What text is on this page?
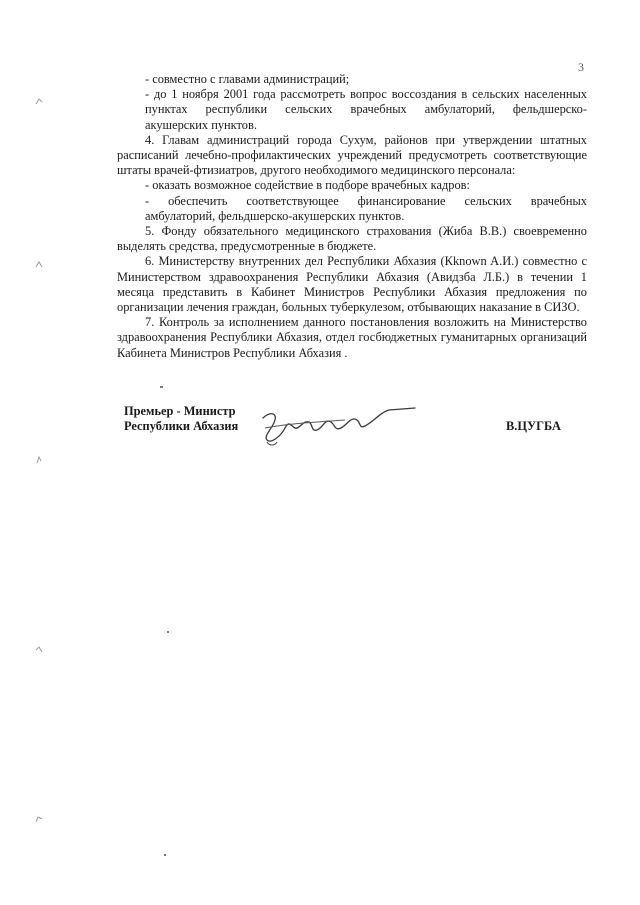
3

- совместно с главами администраций;

- до 1 ноября 2001 года рассмотреть вопрос воссоздания в сельских населенных

пунктах республики сельских врачебных амбулаторий, фельдшерско-

акушерских пунктов.

4. Главам администраций города Сухум, районов при утверждении штатных расписаний лечебно-профилактических учреждений предусмотреть соответствующие штаты врачей-фтизиатров, другого необходимого медицинского персонала:

- оказать возможное содействие в подборе врачебных кадров:

- обеспечить соответствующее финансирование сельских врачебных

амбулаторий, фельдшерско-акушерских пунктов.

5. Фонду обязательного медицинского страхования (Жиба В.В.) своевременно выделять средства, предусмотренные в бюджете.

6. Министерству внутренних дел Республики Абхазия (Кknown A.И.) совместно с Министерством здравоохранения Республики Абхазия (Авидзба Л.Б.) в течении 1 месяца представить в Кабинет Министров Республики Абхазия предложения по организации лечения граждан, больных туберкулезом, отбывающих наказание в СИЗО.

7. Контроль за исполнением данного постановления возложить на Министерство здравоохранения Республики Абхазия, отдел госбюджетных гуманитарных организаций Кабинета Министров Республики Абхазия .

Премьер - Министр
Республики Абхазия	В.ЦУГБА
